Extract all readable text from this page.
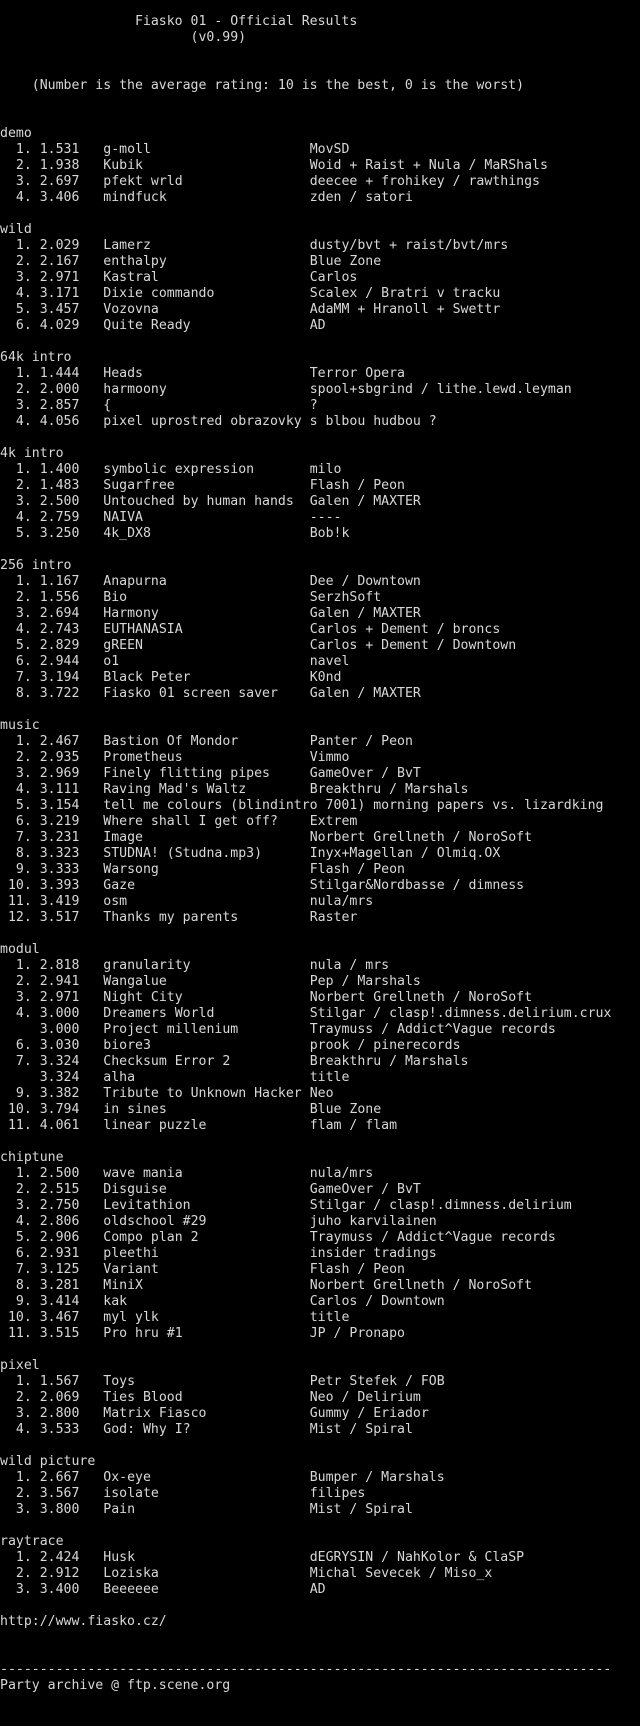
Fiasko 01 - Official Results
(v0.99)
(Number is the average rating: 10 is the best, 0 is the worst)
demo
1. 1.531   g-moll                    MovSD
2. 1.938   Kubik                     Woid + Raist + Nula / MaRShals
3. 2.697   pfekt wrld                deecee + frohikey / rawthings
4. 3.406   mindfuck                  zden / satori
wild
1. 2.029   Lamerz                    dusty/bvt + raist/bvt/mrs
2. 2.167   enthalpy                  Blue Zone
3. 2.971   Kastral                   Carlos
4. 3.171   Dixie commando            Scalex / Bratri v tracku
5. 3.457   Vozovna                   AdaMM + Hranoll + Swettr
6. 4.029   Quite Ready               AD
64k intro
1. 1.444   Heads                     Terror Opera
2. 2.000   harmoony                  spool+sbgrind / lithe.lewd.leyman
3. 2.857   {                         ?
4. 4.056   pixel uprostred obrazovky s blbou hudbou ?
4k intro
1. 1.400   symbolic expression       milo
2. 1.483   Sugarfree                 Flash / Peon
3. 2.500   Untouched by human hands  Galen / MAXTER
4. 2.759   NAIVA                     ----
5. 3.250   4k_DX8                    Bob!k
256 intro
1. 1.167   Anapurna                  Dee / Downtown
2. 1.556   Bio                       SerzhSoft
3. 2.694   Harmony                   Galen / MAXTER
4. 2.743   EUTHANASIA                Carlos + Dement / broncs
5. 2.829   gREEN                     Carlos + Dement / Downtown
6. 2.944   o1                        navel
7. 3.194   Black Peter               K0nd
8. 3.722   Fiasko 01 screen saver    Galen / MAXTER
music
1. 2.467   Bastion Of Mondor         Panter / Peon
2. 2.935   Prometheus                Vimmo
3. 2.969   Finely flitting pipes     GameOver / BvT
4. 3.111   Raving Mad's Waltz        Breakthru / Marshals
5. 3.154   tell me colours (blindintro 7001) morning papers vs. lizardking
6. 3.219   Where shall I get off?    Extrem
7. 3.231   Image                     Norbert Grellneth / NoroSoft
8. 3.323   STUDNA! (Studna.mp3)      Inyx+Magellan / Olmiq.OX
9. 3.333   Warsong                   Flash / Peon
10. 3.393   Gaze                      Stilgar&Nordbasse / dimness
11. 3.419   osm                       nula/mrs
12. 3.517   Thanks my parents         Raster
modul
1. 2.818   granularity               nula / mrs
2. 2.941   Wangalue                  Pep / Marshals
3. 2.971   Night City                Norbert Grellneth / NoroSoft
4. 3.000   Dreamers World            Stilgar / clasp!.dimness.delirium.crux
3.000   Project millenium         Traymuss / Addict^Vague records
6. 3.030   biore3                    prook / pinerecords
7. 3.324   Checksum Error 2          Breakthru / Marshals
3.324   alha                      title
9. 3.382   Tribute to Unknown Hacker Neo
10. 3.794   in sines                  Blue Zone
11. 4.061   linear puzzle             flam / flam
chiptune
1. 2.500   wave mania                nula/mrs
2. 2.515   Disguise                  GameOver / BvT
3. 2.750   Levitathion               Stilgar / clasp!.dimness.delirium
4. 2.806   oldschool #29             juho karvilainen
5. 2.906   Compo plan 2              Traymuss / Addict^Vague records
6. 2.931   pleethi                   insider tradings
7. 3.125   Variant                   Flash / Peon
8. 3.281   MiniX                     Norbert Grellneth / NoroSoft
9. 3.414   kak                       Carlos / Downtown
10. 3.467   myl ylk                   title
11. 3.515   Pro hru #1                JP / Pronapo
pixel
1. 1.567   Toys                      Petr Stefek / FOB
2. 2.069   Ties Blood                Neo / Delirium
3. 2.800   Matrix Fiasco             Gummy / Eriador
4. 3.533   God: Why I?               Mist / Spiral
wild picture
1. 2.667   Ox-eye                    Bumper / Marshals
2. 3.567   isolate                   filipes
3. 3.800   Pain                      Mist / Spiral
raytrace
1. 2.424   Husk                      dEGRYSIN / NahKolor & ClaSP
2. 2.912   Loziska                   Michal Sevecek / Miso_x
3. 3.400   Beeeeee                   AD
http://www.fiasko.cz/
-----------------------------------------------------------------------------
Party archive @ ftp.scene.org
